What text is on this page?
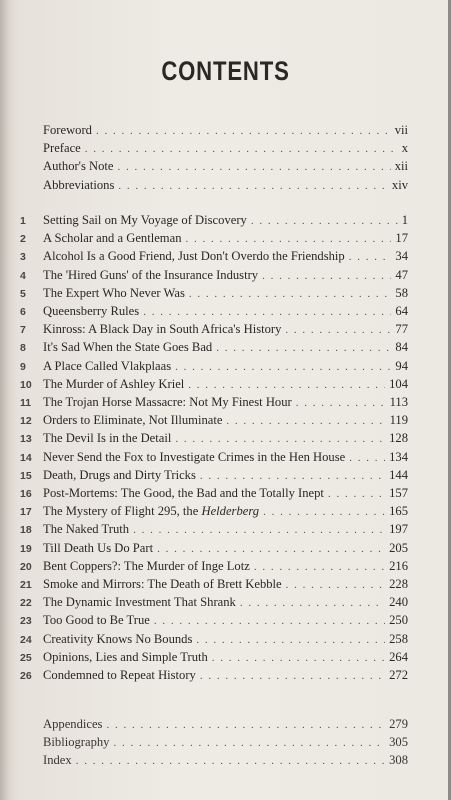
CONTENTS
Foreword . . .	vii
Preface . . .	x
Author's Note . . .	xii
Abbreviations . . .	xiv
1	Setting Sail on My Voyage of Discovery . . .	1
2	A Scholar and a Gentleman . . .	17
3	Alcohol Is a Good Friend, Just Don't Overdo the Friendship . . .	34
4	The 'Hired Guns' of the Insurance Industry . . .	47
5	The Expert Who Never Was . . .	58
6	Queensberry Rules . . .	64
7	Kinross: A Black Day in South Africa's History . . .	77
8	It's Sad When the State Goes Bad . . .	84
9	A Place Called Vlakplaas . . .	94
10 The Murder of Ashley Kriel . . .	104
11 The Trojan Horse Massacre: Not My Finest Hour . . .	113
12 Orders to Eliminate, Not Illuminate . . .	119
13 The Devil Is in the Detail . . .	128
14 Never Send the Fox to Investigate Crimes in the Hen House . . .	134
15 Death, Drugs and Dirty Tricks . . .	144
16 Post-Mortems: The Good, the Bad and the Totally Inept . . .	157
17 The Mystery of Flight 295, the Helderberg . . .	165
18 The Naked Truth . . .	197
19 Till Death Us Do Part . . .	205
20 Bent Coppers?: The Murder of Inge Lotz . . .	216
21 Smoke and Mirrors: The Death of Brett Kebble . . .	228
22 The Dynamic Investment That Shrank . . .	240
23 Too Good to Be True . . .	250
24 Creativity Knows No Bounds . . .	258
25 Opinions, Lies and Simple Truth . . .	264
26 Condemned to Repeat History . . .	272
Appendices . . .	279
Bibliography . . .	305
Index . . .	308
